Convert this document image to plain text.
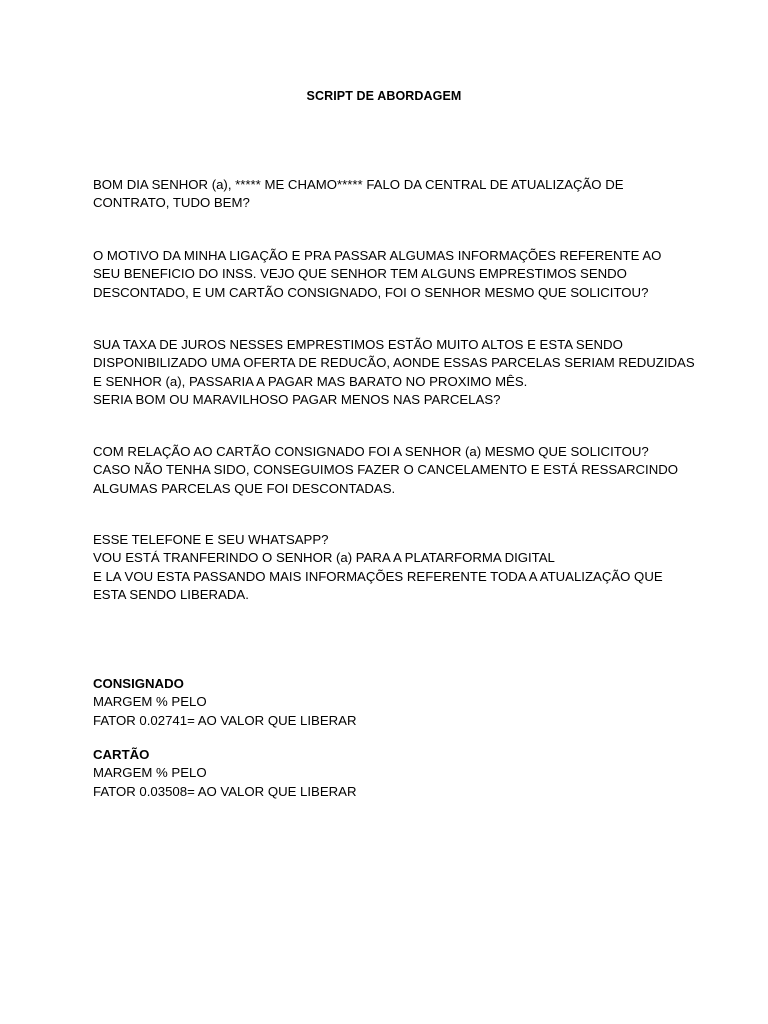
SCRIPT DE ABORDAGEM
BOM DIA SENHOR (a), ***** ME CHAMO***** FALO DA CENTRAL DE ATUALIZAÇÃO DE
CONTRATO, TUDO BEM?
O MOTIVO DA MINHA LIGAÇÃO E PRA PASSAR ALGUMAS INFORMAÇÕES REFERENTE AO
SEU BENEFICIO DO INSS. VEJO QUE SENHOR TEM ALGUNS EMPRESTIMOS SENDO
DESCONTADO, E UM CARTÃO CONSIGNADO, FOI O SENHOR MESMO QUE SOLICITOU?
SUA TAXA DE JUROS NESSES EMPRESTIMOS ESTÃO MUITO ALTOS E ESTA SENDO
DISPONIBILIZADO UMA OFERTA DE REDUCÃO, AONDE ESSAS PARCELAS SERIAM REDUZIDAS
E SENHOR (a), PASSARIA A PAGAR MAS BARATO NO PROXIMO MÊS.
SERIA BOM OU MARAVILHOSO PAGAR MENOS NAS PARCELAS?
COM RELAÇÃO AO CARTÃO CONSIGNADO FOI A SENHOR (a) MESMO QUE SOLICITOU?
CASO NÃO TENHA SIDO, CONSEGUIMOS FAZER O CANCELAMENTO E ESTÁ RESSARCINDO
ALGUMAS PARCELAS QUE FOI DESCONTADAS.
ESSE TELEFONE E SEU WHATSAPP?
VOU ESTÁ TRANFERINDO O SENHOR (a) PARA A PLATARFORMA DIGITAL
E LA VOU ESTA PASSANDO MAIS INFORMAÇÕES REFERENTE TODA A ATUALIZAÇÃO QUE
ESTA SENDO LIBERADA.
CONSIGNADO
MARGEM % PELO
FATOR 0.02741= AO VALOR QUE LIBERAR
CARTÃO
MARGEM % PELO
FATOR 0.03508= AO VALOR QUE LIBERAR
